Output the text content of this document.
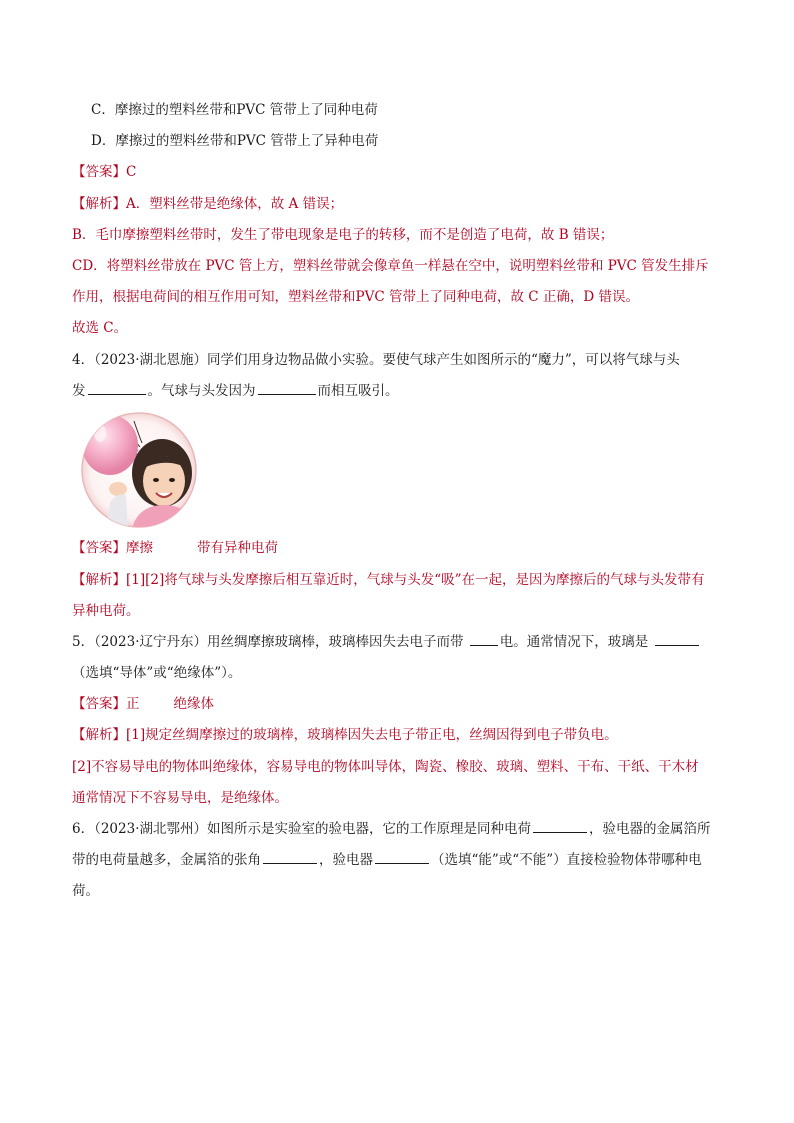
C．摩擦过的塑料丝带和PVC 管带上了同种电荷
D．摩擦过的塑料丝带和PVC 管带上了异种电荷
【答案】C
【解析】A．塑料丝带是绝缘体，故 A 错误；
B．毛巾摩擦塑料丝带时，发生了带电现象是电子的转移，而不是创造了电荷，故 B 错误；
CD．将塑料丝带放在 PVC 管上方，塑料丝带就会像章鱼一样悬在空中，说明塑料丝带和 PVC 管发生排斥
作用，根据电荷间的相互作用可知，塑料丝带和PVC 管带上了同种电荷，故 C 正确，D 错误。
故选 C。
4．（2023·湖北恩施）同学们用身边物品做小实验。要使气球产生如图所示的“魔力”，可以将气球与头
发	。气球与头发因为	而相互吸引。
【答案】摩擦	带有异种电荷
【解析】[1][2]将气球与头发摩擦后相互靠近时，气球与头发“吸”在一起，是因为摩擦后的气球与头发带有
异种电荷。
5．（2023·辽宁丹东）用丝绸摩擦玻璃棒，玻璃棒因失去电子而带 电。通常情况下，玻璃是
（选填“导体”或“绝缘体”）。
【答案】正	绝缘体
【解析】[1]规定丝绸摩擦过的玻璃棒，玻璃棒因失去电子带正电，丝绸因得到电子带负电。
[2]不容易导电的物体叫绝缘体，容易导电的物体叫导体，陶瓷、橡胶、玻璃、塑料、干布、干纸、干木材
通常情况下不容易导电，是绝缘体。
6．（2023·湖北鄂州）如图所示是实验室的验电器，它的工作原理是同种电荷	，验电器的金属箔所
带的电荷量越多，金属箔的张角	，验电器	（选填“能”或“不能”）直接检验物体带哪种电
荷。
